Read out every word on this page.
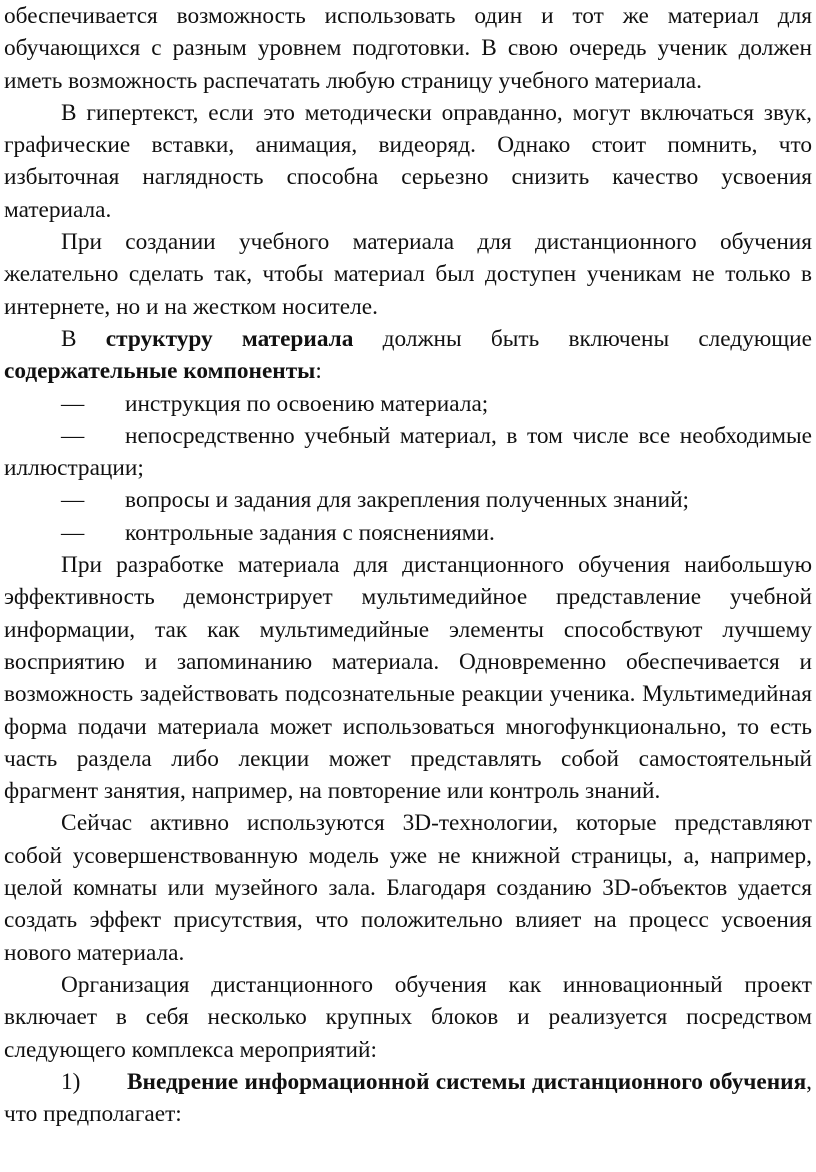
обеспечивается возможность использовать один и тот же материал для обучающихся с разным уровнем подготовки. В свою очередь ученик должен иметь возможность распечатать любую страницу учебного материала.

В гипертекст, если это методически оправданно, могут включаться звук, графические вставки, анимация, видеоряд. Однако стоит помнить, что избыточная наглядность способна серьезно снизить качество усвоения материала.

При создании учебного материала для дистанционного обучения желательно сделать так, чтобы материал был доступен ученикам не только в интернете, но и на жестком носителе.

В структуру материала должны быть включены следующие содержательные компоненты:

— инструкция по освоению материала;

— непосредственно учебный материал, в том числе все необходимые иллюстрации;

— вопросы и задания для закрепления полученных знаний;

— контрольные задания с пояснениями.

При разработке материала для дистанционного обучения наибольшую эффективность демонстрирует мультимедийное представление учебной информации, так как мультимедийные элементы способствуют лучшему восприятию и запоминанию материала. Одновременно обеспечивается и возможность задействовать подсознательные реакции ученика. Мультимедийная форма подачи материала может использоваться многофункционально, то есть часть раздела либо лекции может представлять собой самостоятельный фрагмент занятия, например, на повторение или контроль знаний.

Сейчас активно используются 3D-технологии, которые представляют собой усовершенствованную модель уже не книжной страницы, а, например, целой комнаты или музейного зала. Благодаря созданию 3D-объектов удается создать эффект присутствия, что положительно влияет на процесс усвоения нового материала.

Организация дистанционного обучения как инновационный проект включает в себя несколько крупных блоков и реализуется посредством следующего комплекса мероприятий:

1) Внедрение информационной системы дистанционного обучения, что предполагает:
